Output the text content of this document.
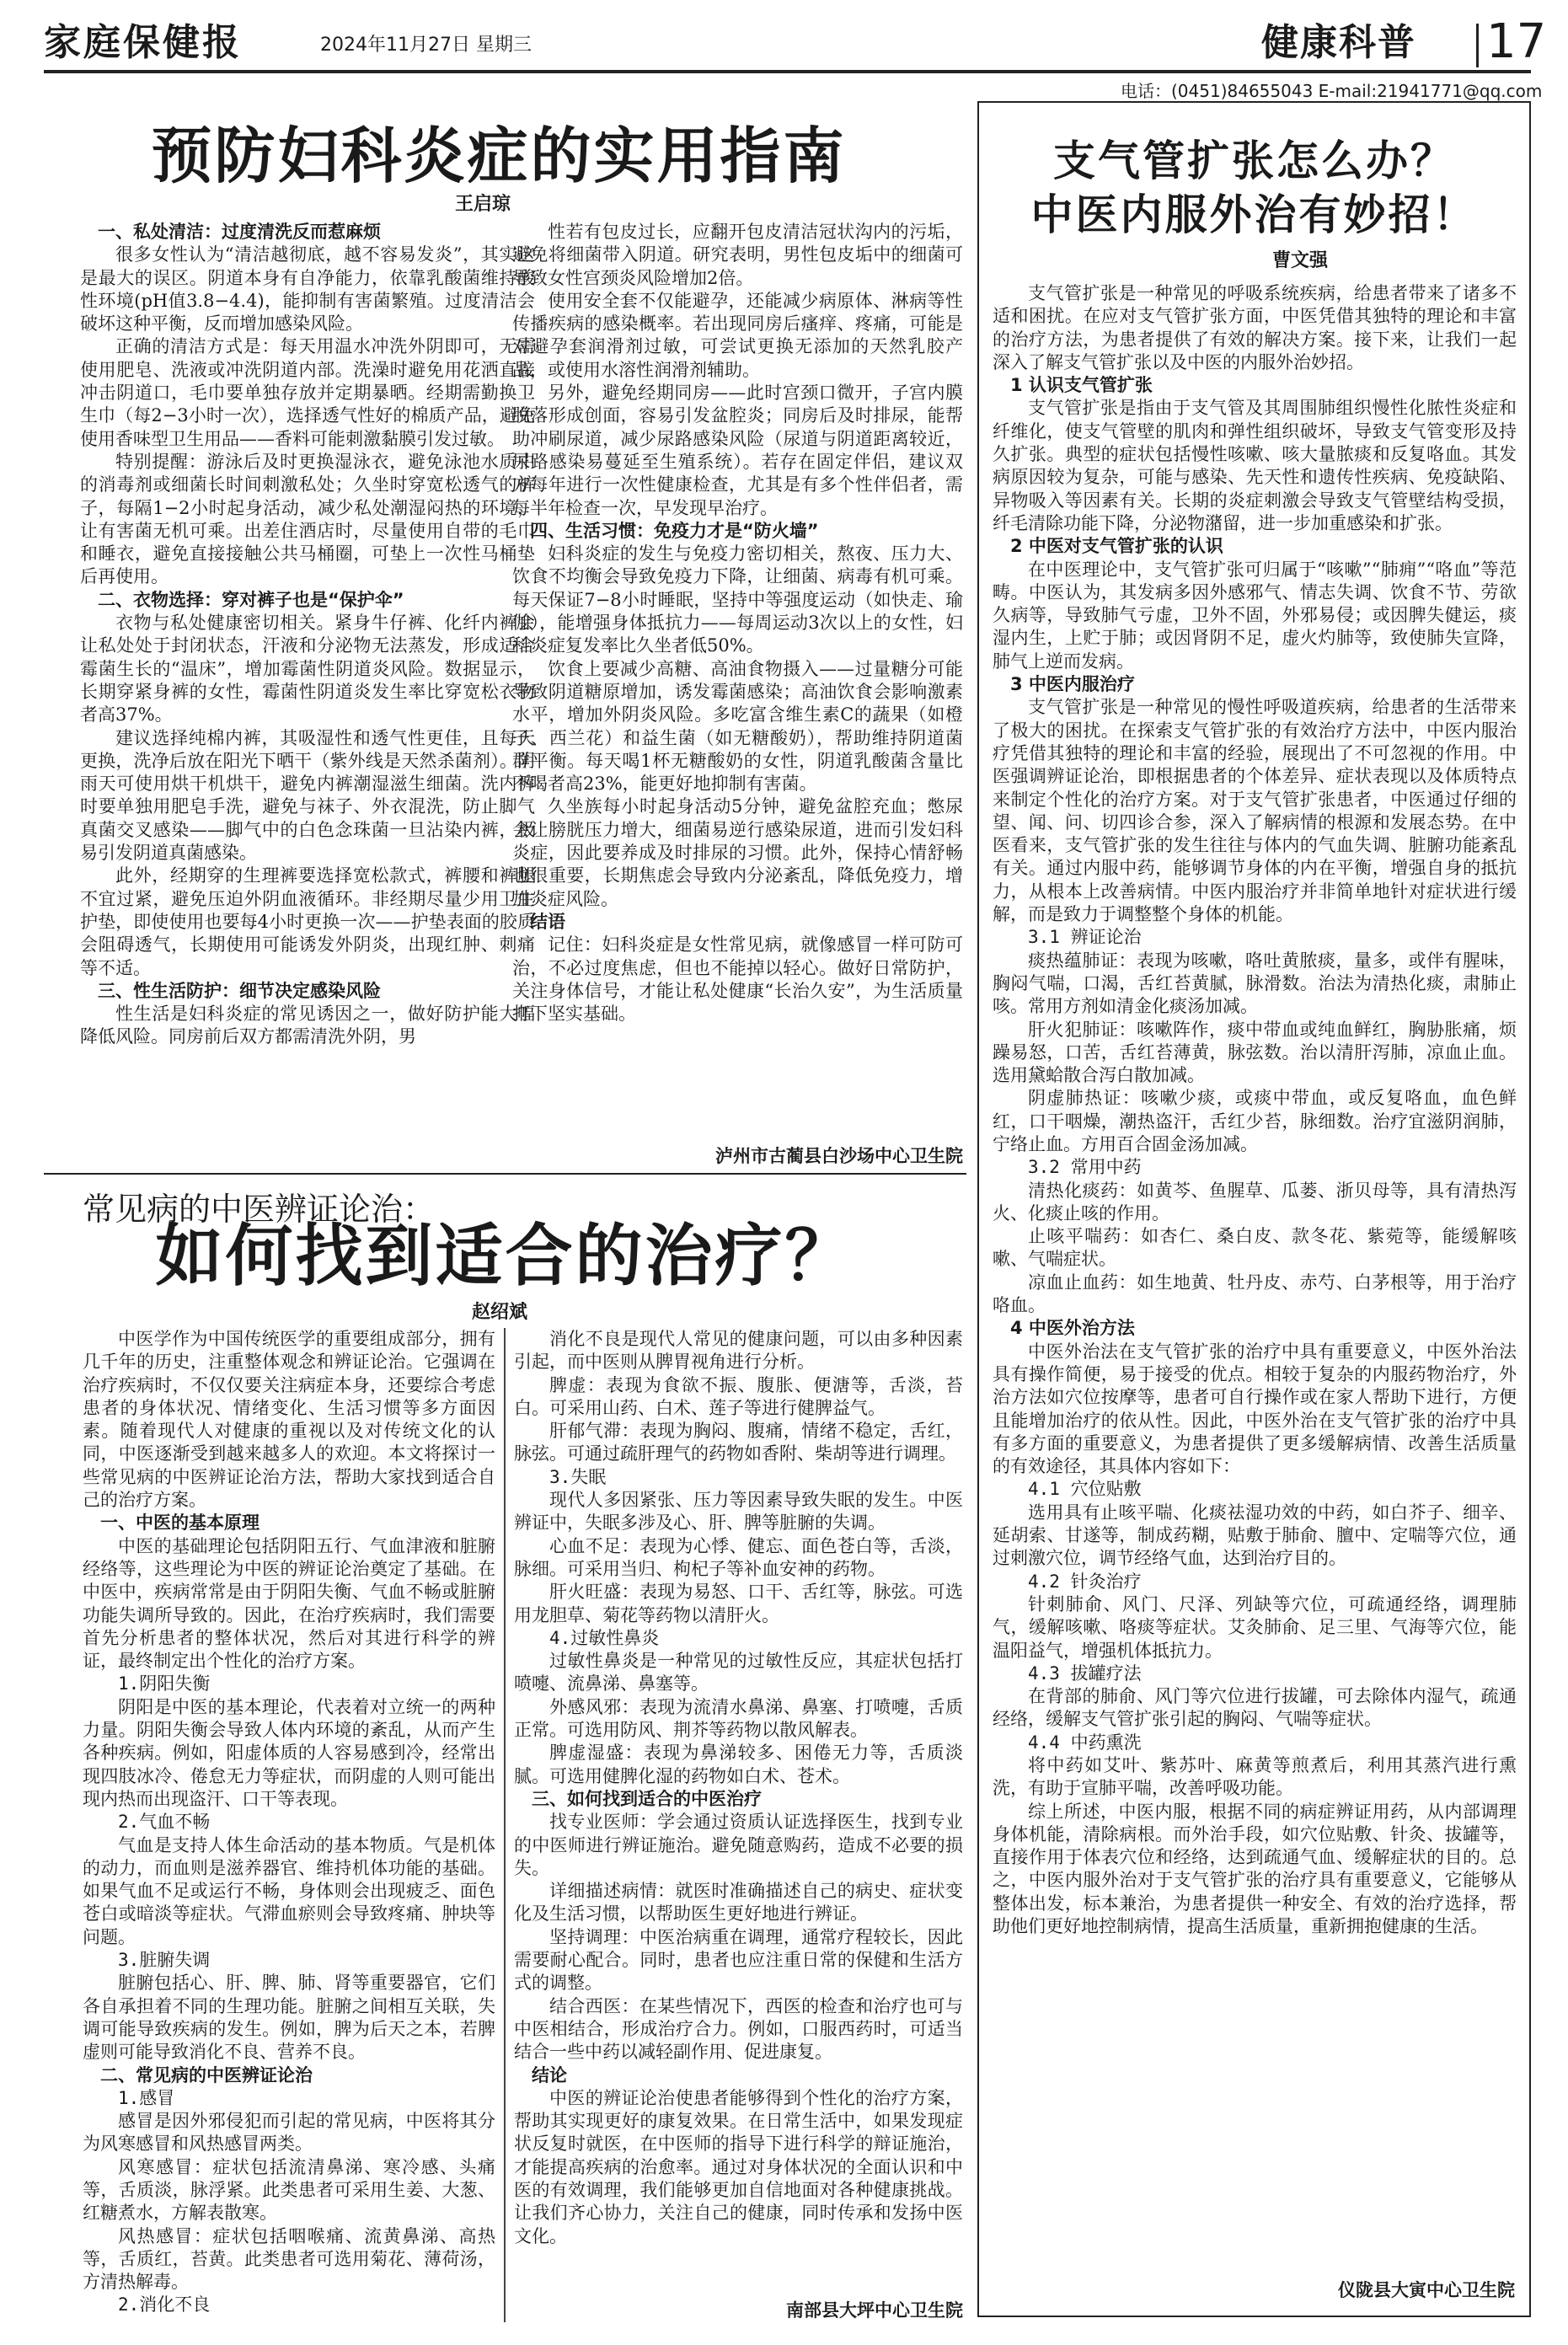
家庭保健报	2024年11月27日 星期三	健康科普 17
电话：(0451)84655043 E-mail:21941771@qq.com
预防妇科炎症的实用指南
王启琼

一、私处清洁：过度清洗反而惹麻烦

很多女性认为“清洁越彻底，越不容易发炎”，其实这是最大的误区。阴道本身有自净能力，依靠乳酸菌维持酸性环境(pH值3.8−4.4)，能抑制有害菌繁殖。过度清洁会破坏这种平衡，反而增加感染风险。

正确的清洁方式是：每天用温水冲洗外阴即可，无需使用肥皂、洗液或冲洗阴道内部。洗澡时避免用花洒直接冲击阴道口，毛巾要单独存放并定期暴晒。经期需勤换卫生巾（每2−3小时一次），选择透气性好的棉质产品，避免使用香味型卫生用品——香料可能刺激黏膜引发过敏。

特别提醒：游泳后及时更换湿泳衣，避免泳池水质中的消毒剂或细菌长时间刺激私处；久坐时穿宽松透气的裤子，每隔1−2小时起身活动，减少私处潮湿闷热的环境，让有害菌无机可乘。出差住酒店时，尽量使用自带的毛巾和睡衣，避免直接接触公共马桶圈，可垫上一次性马桶垫后再使用。

二、衣物选择：穿对裤子也是“保护伞”

衣物与私处健康密切相关。紧身牛仔裤、化纤内裤会让私处处于封闭状态，汗液和分泌物无法蒸发，形成适合霉菌生长的“温床”，增加霉菌性阴道炎风险。数据显示，长期穿紧身裤的女性，霉菌性阴道炎发生率比穿宽松衣物者高37%。

建议选择纯棉内裤，其吸湿性和透气性更佳，且每天更换，洗净后放在阳光下晒干（紫外线是天然杀菌剂）。阴雨天可使用烘干机烘干，避免内裤潮湿滋生细菌。洗内裤时要单独用肥皂手洗，避免与袜子、外衣混洗，防止脚气真菌交叉感染——脚气中的白色念珠菌一旦沾染内裤，极易引发阴道真菌感染。

此外，经期穿的生理裤要选择宽松款式，裤腰和裤腿不宜过紧，避免压迫外阴血液循环。非经期尽量少用卫生护垫，即使使用也要每4小时更换一次——护垫表面的胶质会阻碍透气，长期使用可能诱发外阴炎，出现红肿、刺痛等不适。

三、性生活防护：细节决定感染风险

性生活是妇科炎症的常见诱因之一，做好防护能大幅降低风险。同房前后双方都需清洗外阴，男

性若有包皮过长，应翻开包皮清洁冠状沟内的污垢，避免将细菌带入阴道。研究表明，男性包皮垢中的细菌可导致女性宫颈炎风险增加2倍。

使用安全套不仅能避孕，还能减少病原体、淋病等性传播疾病的感染概率。若出现同房后瘙痒、疼痛，可能是对避孕套润滑剂过敏，可尝试更换无添加的天然乳胶产品，或使用水溶性润滑剂辅助。

另外，避免经期同房——此时宫颈口微开，子宫内膜脱落形成创面，容易引发盆腔炎；同房后及时排尿，能帮助冲刷尿道，减少尿路感染风险（尿道与阴道距离较近，尿路感染易蔓延至生殖系统）。若存在固定伴侣，建议双方每年进行一次性健康检查，尤其是有多个性伴侣者，需每半年检查一次，早发现早治疗。

四、生活习惯：免疫力才是“防火墙”

妇科炎症的发生与免疫力密切相关，熬夜、压力大、饮食不均衡会导致免疫力下降，让细菌、病毒有机可乘。每天保证7−8小时睡眠，坚持中等强度运动（如快走、瑜伽），能增强身体抵抗力——每周运动3次以上的女性，妇科炎症复发率比久坐者低50%。

饮食上要减少高糖、高油食物摄入——过量糖分可能导致阴道糖原增加，诱发霉菌感染；高油饮食会影响激素水平，增加外阴炎风险。多吃富含维生素C的蔬果（如橙子、西兰花）和益生菌（如无糖酸奶），帮助维持阴道菌群平衡。每天喝1杯无糖酸奶的女性，阴道乳酸菌含量比不喝者高23%，能更好地抑制有害菌。

久坐族每小时起身活动5分钟，避免盆腔充血；憋尿会让膀胱压力增大，细菌易逆行感染尿道，进而引发妇科炎症，因此要养成及时排尿的习惯。此外，保持心情舒畅也很重要，长期焦虑会导致内分泌紊乱，降低免疫力，增加炎症风险。

结语

记住：妇科炎症是女性常见病，就像感冒一样可防可治，不必过度焦虑，但也不能掉以轻心。做好日常防护，关注身体信号，才能让私处健康“长治久安”，为生活质量打下坚实基础。

泸州市古蔺县白沙场中心卫生院
常见病的中医辨证论治：
如何找到适合的治疗？
赵绍斌

中医学作为中国传统医学的重要组成部分，拥有几千年的历史，注重整体观念和辨证论治。它强调在治疗疾病时，不仅仅要关注病症本身，还要综合考虑患者的身体状况、情绪变化、生活习惯等多方面因素。随着现代人对健康的重视以及对传统文化的认同，中医逐渐受到越来越多人的欢迎。本文将探讨一些常见病的中医辨证论治方法，帮助大家找到适合自己的治疗方案。

一、中医的基本原理

中医的基础理论包括阴阳五行、气血津液和脏腑经络等，这些理论为中医的辨证论治奠定了基础。在中医中，疾病常常是由于阴阳失衡、气血不畅或脏腑功能失调所导致的。因此，在治疗疾病时，我们需要首先分析患者的整体状况，然后对其进行科学的辨证，最终制定出个性化的治疗方案。

1.阴阳失衡

阴阳是中医的基本理论，代表着对立统一的两种力量。阴阳失衡会导致人体内环境的紊乱，从而产生各种疾病。例如，阳虚体质的人容易感到冷，经常出现四肢冰冷、倦怠无力等症状，而阴虚的人则可能出现内热而出现盗汗、口干等表现。

2.气血不畅

气血是支持人体生命活动的基本物质。气是机体的动力，而血则是滋养器官、维持机体功能的基础。如果气血不足或运行不畅，身体则会出现疲乏、面色苍白或暗淡等症状。气滞血瘀则会导致疼痛、肿块等问题。

3.脏腑失调

脏腑包括心、肝、脾、肺、肾等重要器官，它们各自承担着不同的生理功能。脏腑之间相互关联，失调可能导致疾病的发生。例如，脾为后天之本，若脾虚则可能导致消化不良、营养不良。

二、常见病的中医辨证论治

1.感冒

感冒是因外邪侵犯而引起的常见病，中医将其分为风寒感冒和风热感冒两类。

风寒感冒：症状包括流清鼻涕、寒冷感、头痛等，舌质淡，脉浮紧。此类患者可采用生姜、大葱、红糖煮水，方解表散寒。

风热感冒：症状包括咽喉痛、流黄鼻涕、高热等，舌质红，苔黄。此类患者可选用菊花、薄荷汤，方清热解毒。

2.消化不良

消化不良是现代人常见的健康问题，可以由多种因素引起，而中医则从脾胃视角进行分析。

脾虚：表现为食欲不振、腹胀、便溏等，舌淡，苔白。可采用山药、白术、莲子等进行健脾益气。

肝郁气滞：表现为胸闷、腹痛，情绪不稳定，舌红，脉弦。可通过疏肝理气的药物如香附、柴胡等进行调理。

3.失眠

现代人多因紧张、压力等因素导致失眠的发生。中医辨证中，失眠多涉及心、肝、脾等脏腑的失调。

心血不足：表现为心悸、健忘、面色苍白等，舌淡，脉细。可采用当归、枸杞子等补血安神的药物。

肝火旺盛：表现为易怒、口干、舌红等，脉弦。可选用龙胆草、菊花等药物以清肝火。

4.过敏性鼻炎

过敏性鼻炎是一种常见的过敏性反应，其症状包括打喷嚏、流鼻涕、鼻塞等。

外感风邪：表现为流清水鼻涕、鼻塞、打喷嚏，舌质正常。可选用防风、荆芥等药物以散风解表。

脾虚湿盛：表现为鼻涕较多、困倦无力等，舌质淡腻。可选用健脾化湿的药物如白术、苍术。

三、如何找到适合的中医治疗

找专业医师：学会通过资质认证选择医生，找到专业的中医师进行辨证施治。避免随意购药，造成不必要的损失。

详细描述病情：就医时准确描述自己的病史、症状变化及生活习惯，以帮助医生更好地进行辨证。

坚持调理：中医治病重在调理，通常疗程较长，因此需要耐心配合。同时，患者也应注重日常的保健和生活方式的调整。

结合西医：在某些情况下，西医的检查和治疗也可与中医相结合，形成治疗合力。例如，口服西药时，可适当结合一些中药以减轻副作用、促进康复。

结论

中医的辨证论治使患者能够得到个性化的治疗方案，帮助其实现更好的康复效果。在日常生活中，如果发现症状反复时就医，在中医师的指导下进行科学的辩证施治，才能提高疾病的治愈率。通过对身体状况的全面认识和中医的有效调理，我们能够更加自信地面对各种健康挑战。让我们齐心协力，关注自己的健康，同时传承和发扬中医文化。

南部县大坪中心卫生院
支气管扩张怎么办？
中医内服外治有妙招！
曹文强

支气管扩张是一种常见的呼吸系统疾病，给患者带来了诸多不适和困扰。在应对支气管扩张方面，中医凭借其独特的理论和丰富的治疗方法，为患者提供了有效的解决方案。接下来，让我们一起深入了解支气管扩张以及中医的内服外治妙招。

1 认识支气管扩张

支气管扩张是指由于支气管及其周围肺组织慢性化脓性炎症和纤维化，使支气管壁的肌肉和弹性组织破坏，导致支气管变形及持久扩张。典型的症状包括慢性咳嗽、咳大量脓痰和反复咯血。其发病原因较为复杂，可能与感染、先天性和遗传性疾病、免疫缺陷、异物吸入等因素有关。长期的炎症刺激会导致支气管壁结构受损，纤毛清除功能下降，分泌物潴留，进一步加重感染和扩张。

2 中医对支气管扩张的认识

在中医理论中，支气管扩张可归属于“咳嗽”“肺痈”“咯血”等范畴。中医认为，其发病多因外感邪气、情志失调、饮食不节、劳欲久病等，导致肺气亏虚，卫外不固，外邪易侵；或因脾失健运，痰湿内生，上贮于肺；或因肾阴不足，虚火灼肺等，致使肺失宣降，肺气上逆而发病。

3 中医内服治疗

支气管扩张是一种常见的慢性呼吸道疾病，给患者的生活带来了极大的困扰。在探索支气管扩张的有效治疗方法中，中医内服治疗凭借其独特的理论和丰富的经验，展现出了不可忽视的作用。中医强调辨证论治，即根据患者的个体差异、症状表现以及体质特点来制定个性化的治疗方案。对于支气管扩张患者，中医通过仔细的望、闻、问、切四诊合参，深入了解病情的根源和发展态势。在中医看来，支气管扩张的发生往往与体内的气血失调、脏腑功能紊乱有关。通过内服中药，能够调节身体的内在平衡，增强自身的抵抗力，从根本上改善病情。中医内服治疗并非简单地针对症状进行缓解，而是致力于调整整个身体的机能。

3.1 辨证论治

痰热蕴肺证：表现为咳嗽，咯吐黄脓痰，量多，或伴有腥味，胸闷气喘，口渴，舌红苔黄腻，脉滑数。治法为清热化痰，肃肺止咳。常用方剂如清金化痰汤加减。

肝火犯肺证：咳嗽阵作，痰中带血或纯血鲜红，胸胁胀痛，烦躁易怒，口苦，舌红苔薄黄，脉弦数。治以清肝泻肺，凉血止血。选用黛蛤散合泻白散加减。

阴虚肺热证：咳嗽少痰，或痰中带血，或反复咯血，血色鲜红，口干咽燥，潮热盗汗，舌红少苔，脉细数。治疗宜滋阴润肺，宁络止血。方用百合固金汤加减。

3.2 常用中药

清热化痰药：如黄芩、鱼腥草、瓜蒌、浙贝母等，具有清热泻火、化痰止咳的作用。

止咳平喘药：如杏仁、桑白皮、款冬花、紫菀等，能缓解咳嗽、气喘症状。

凉血止血药：如生地黄、牡丹皮、赤芍、白茅根等，用于治疗咯血。

4 中医外治方法

中医外治法在支气管扩张的治疗中具有重要意义，中医外治法具有操作简便，易于接受的优点。相较于复杂的内服药物治疗，外治方法如穴位按摩等，患者可自行操作或在家人帮助下进行，方便且能增加治疗的依从性。因此，中医外治在支气管扩张的治疗中具有多方面的重要意义，为患者提供了更多缓解病情、改善生活质量的有效途径，其具体内容如下：

4.1 穴位贴敷

选用具有止咳平喘、化痰祛湿功效的中药，如白芥子、细辛、延胡索、甘遂等，制成药糊，贴敷于肺俞、膻中、定喘等穴位，通过刺激穴位，调节经络气血，达到治疗目的。

4.2 针灸治疗

针刺肺俞、风门、尺泽、列缺等穴位，可疏通经络，调理肺气，缓解咳嗽、咯痰等症状。艾灸肺俞、足三里、气海等穴位，能温阳益气，增强机体抵抗力。

4.3 拔罐疗法

在背部的肺俞、风门等穴位进行拔罐，可去除体内湿气，疏通经络，缓解支气管扩张引起的胸闷、气喘等症状。

4.4 中药熏洗

将中药如艾叶、紫苏叶、麻黄等煎煮后，利用其蒸汽进行熏洗，有助于宣肺平喘，改善呼吸功能。

综上所述，中医内服，根据不同的病症辨证用药，从内部调理身体机能，清除病根。而外治手段，如穴位贴敷、针灸、拔罐等，直接作用于体表穴位和经络，达到疏通气血、缓解症状的目的。总之，中医内服外治对于支气管扩张的治疗具有重要意义，它能够从整体出发，标本兼治，为患者提供一种安全、有效的治疗选择，帮助他们更好地控制病情，提高生活质量，重新拥抱健康的生活。

仪陇县大寅中心卫生院
